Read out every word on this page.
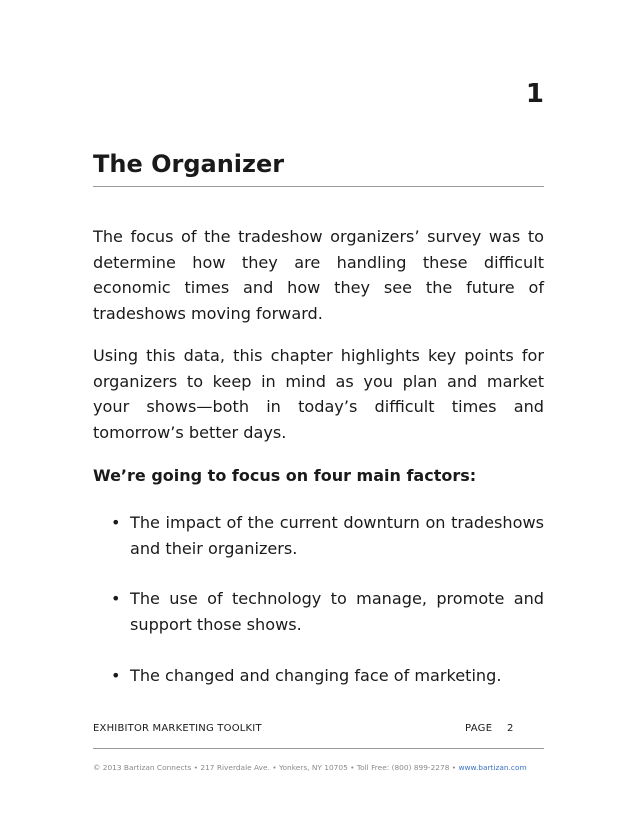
1
The Organizer

The focus of the tradeshow organizers’ survey was to determine how they are handling these difficult economic times and how they see the future of tradeshows moving forward.

Using this data, this chapter highlights key points for organizers to keep in mind as you plan and market your shows—both in today’s difficult times and tomorrow’s better days.

We’re going to focus on four main factors:

• The impact of the current downturn on tradeshows and their organizers.
• The use of technology to manage, promote and support those shows.
• The changed and changing face of marketing.
EXHIBITOR MARKETING TOOLKIT	PAGE 2
© 2013 Bartizan Connects • 217 Riverdale Ave. • Yonkers, NY 10705 • Toll Free: (800) 899-2278 • www.bartizan.com
